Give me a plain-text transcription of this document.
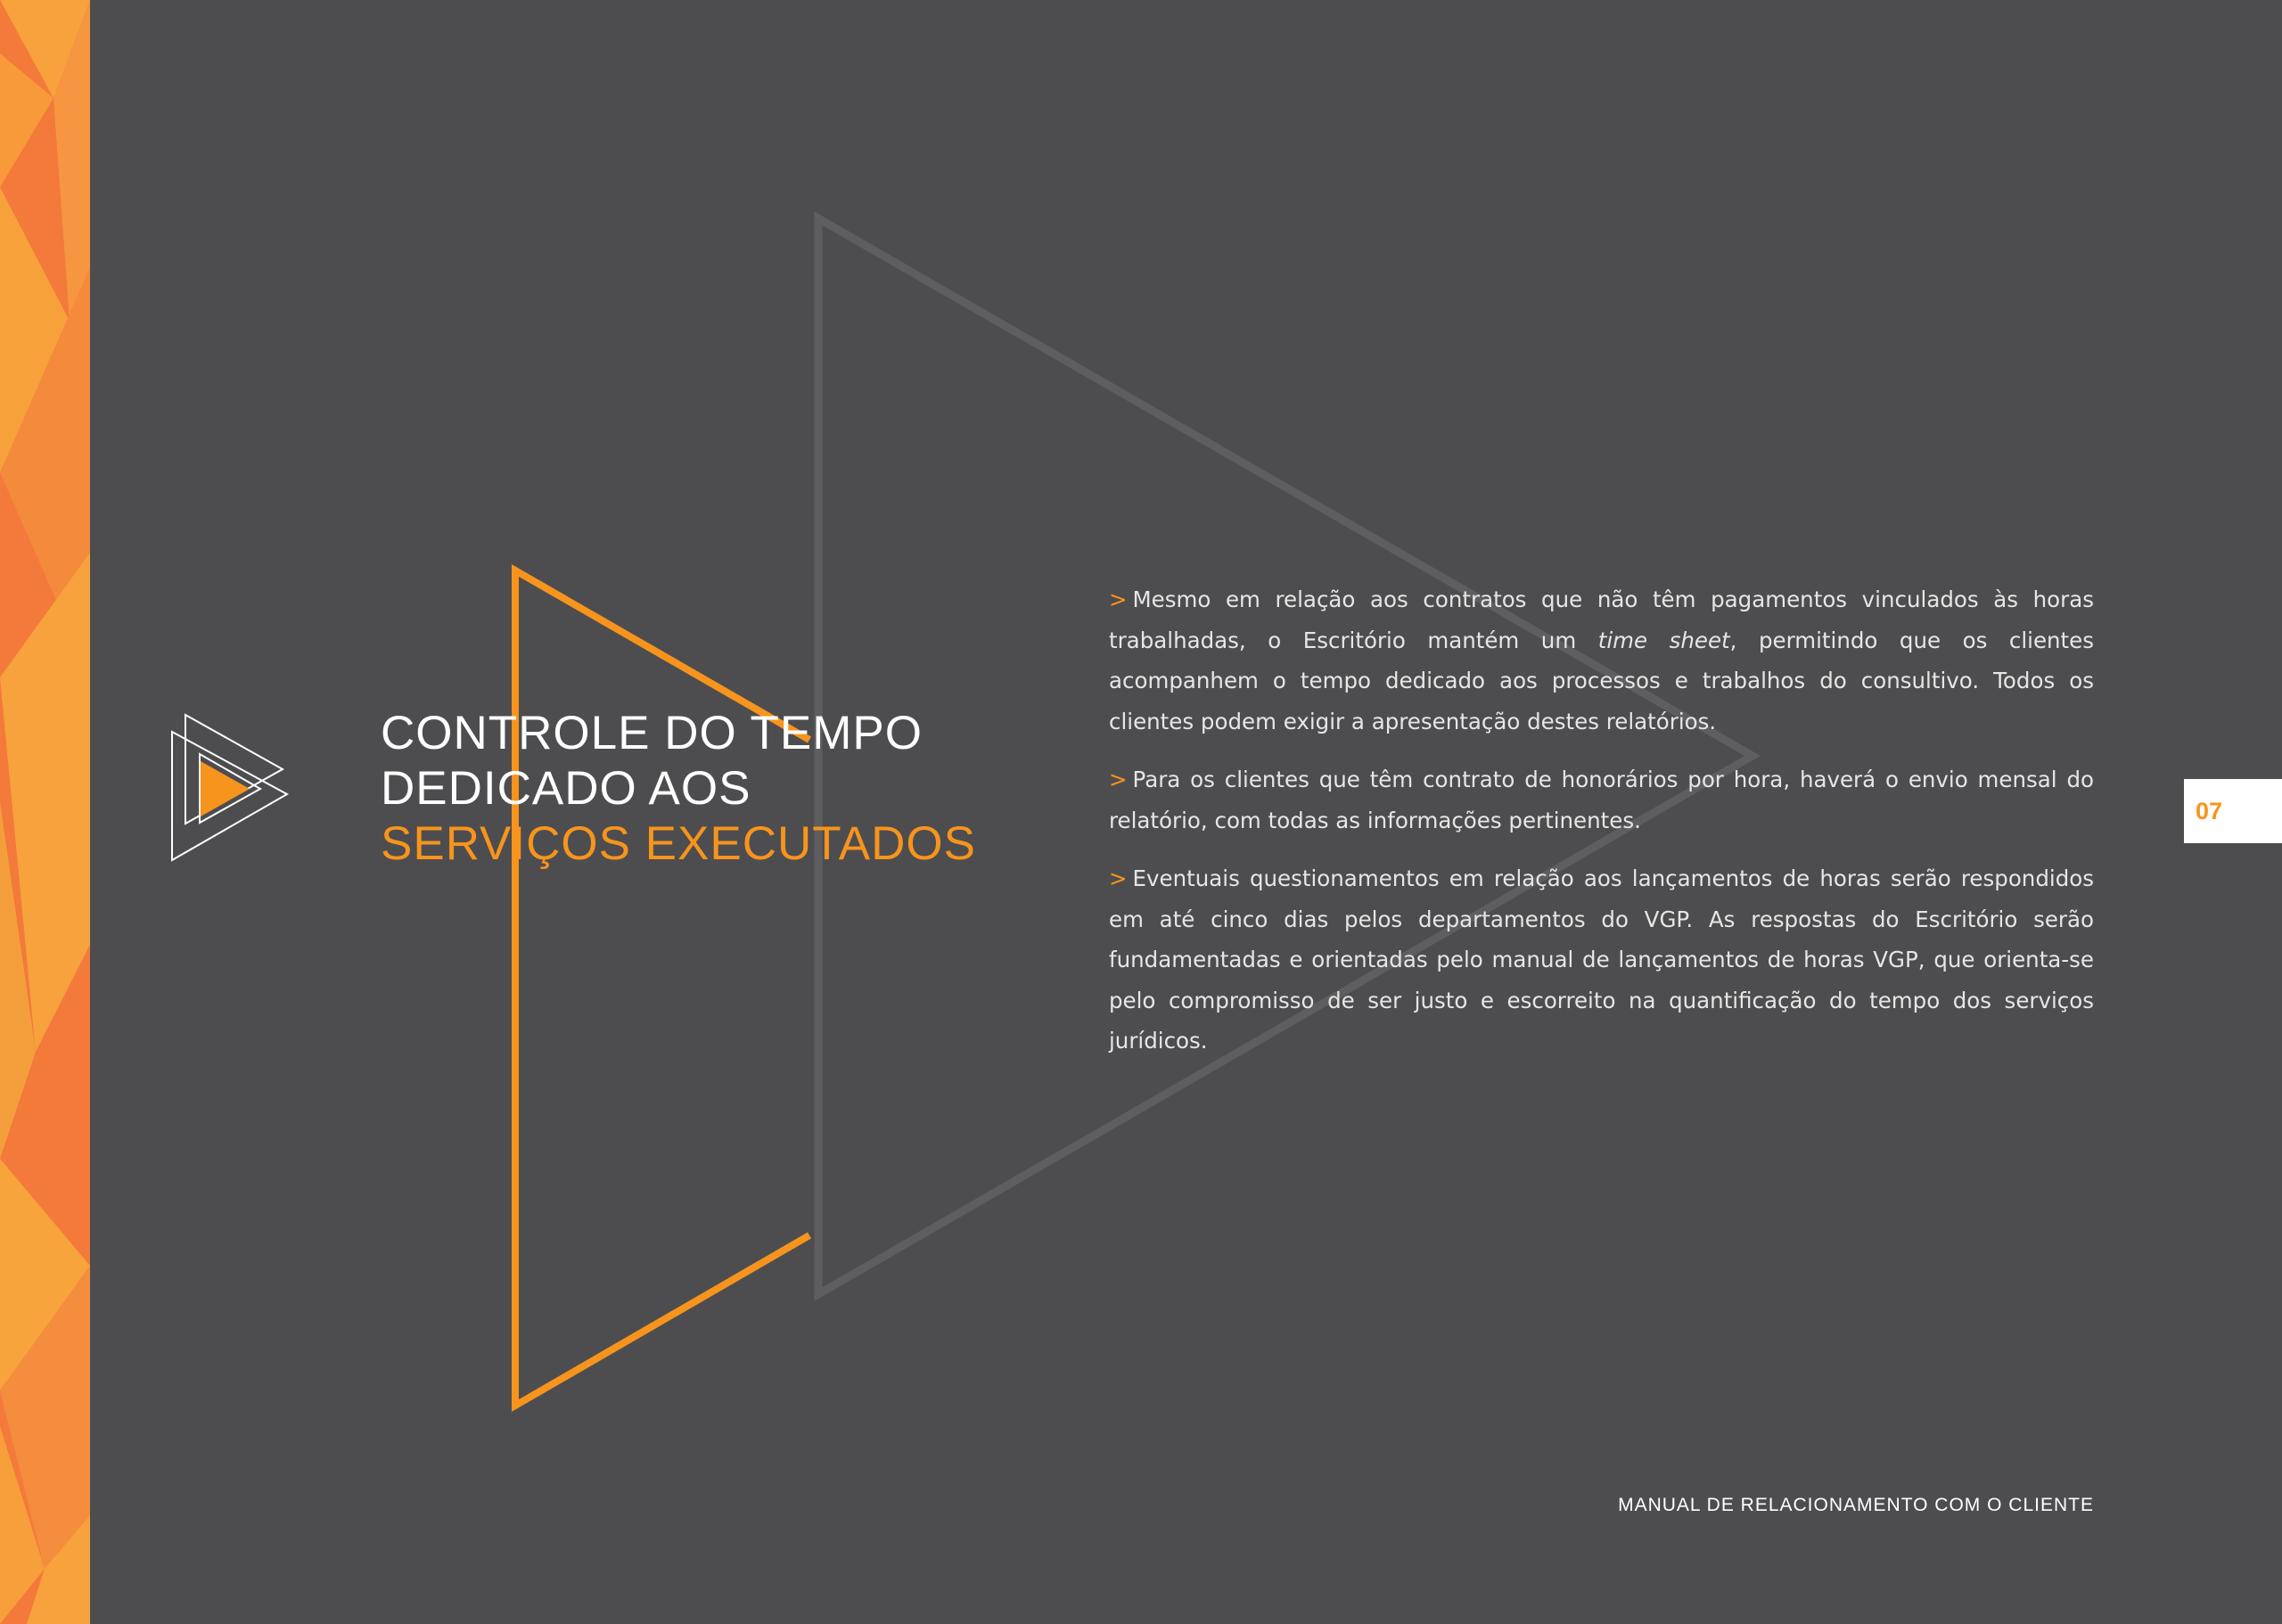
CONTROLE DO TEMPO
DEDICADO AOS
SERVIÇOS EXECUTADOS

> Mesmo em relação aos contratos que não têm pagamentos vinculados às horas trabalhadas, o Escritório mantém um time sheet, permitindo que os clientes acompanhem o tempo dedicado aos processos e trabalhos do consultivo. Todos os clientes podem exigir a apresentação destes relatórios.

> Para os clientes que têm contrato de honorários por hora, haverá o envio mensal do relatório, com todas as informações pertinentes.

> Eventuais questionamentos em relação aos lançamentos de horas serão respondidos em até cinco dias pelos departamentos do VGP. As respostas do Escritório serão fundamentadas e orientadas pelo manual de lançamentos de horas VGP, que orienta-se pelo compromisso de ser justo e escorreito na quantificação do tempo dos serviços jurídicos.

07
MANUAL DE RELACIONAMENTO COM O CLIENTE
